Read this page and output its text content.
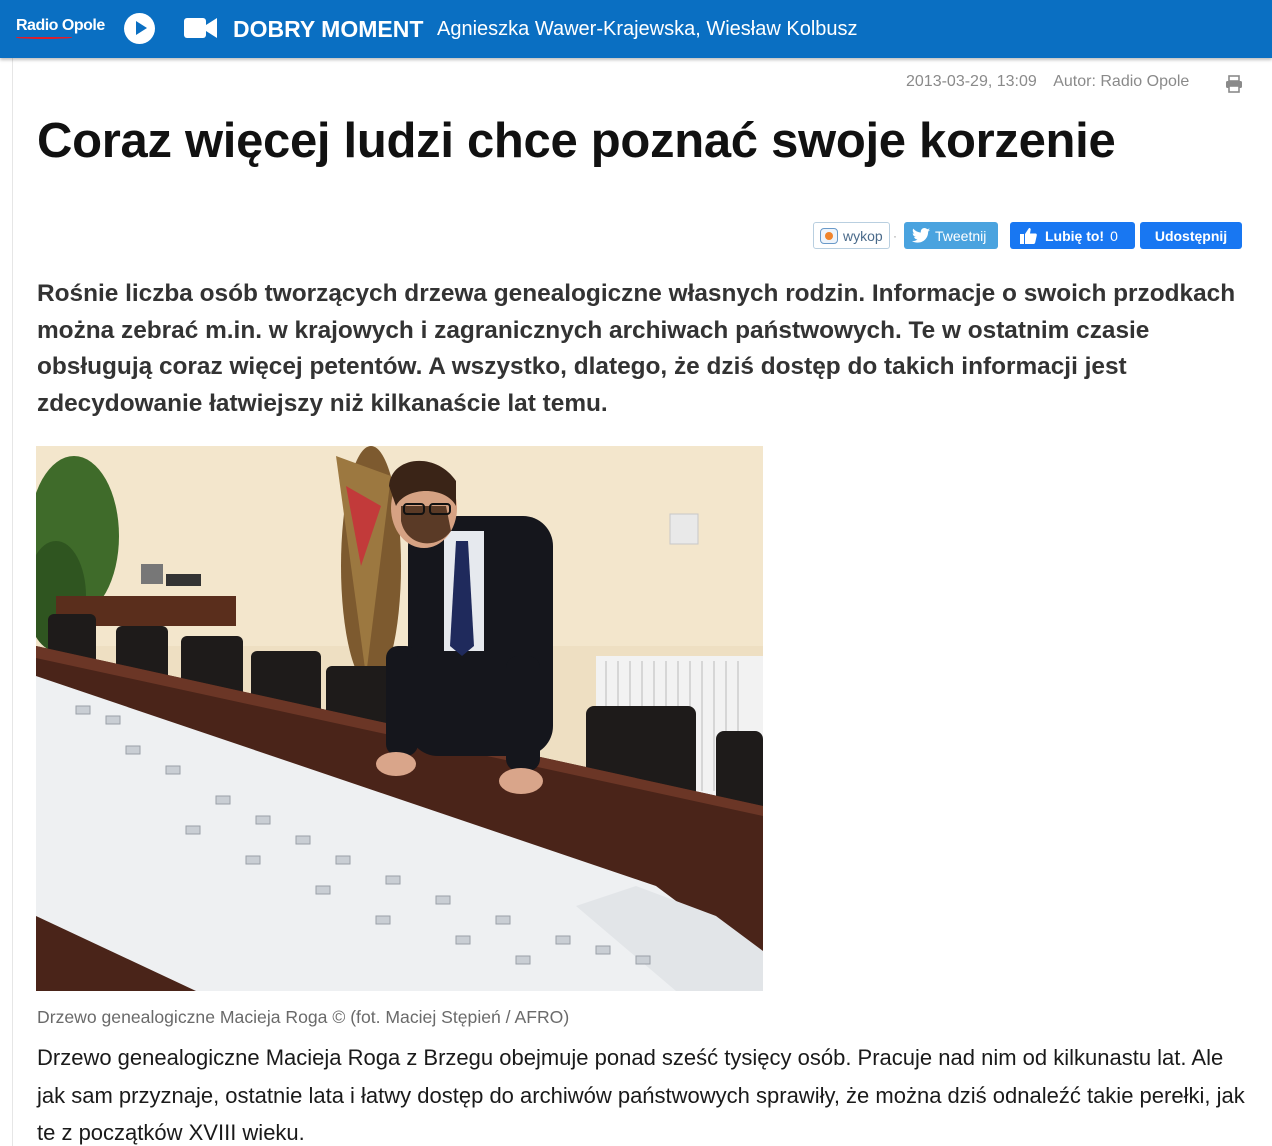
Radio Opole	DOBRY MOMENT Agnieszka Wawer-Krajewska, Wiesław Kolbusz
2013-03-29, 13:09 Autor: Radio Opole
Coraz więcej ludzi chce poznać swoje korzenie
wykop ·	Tweetnij	Lubię to! 0	Udostępnij

Rośnie liczba osób tworzących drzewa genealogiczne własnych rodzin. Informacje o swoich przodkach można zebrać m.in. w krajowych i zagranicznych archiwach państwowych. Te w ostatnim czasie obsługują coraz więcej petentów. A wszystko, dlatego, że dziś dostęp do takich informacji jest zdecydowanie łatwiejszy niż kilkanaście lat temu.

Drzewo genealogiczne Macieja Roga © (fot. Maciej Stępień / AFRO)

Drzewo genealogiczne Macieja Roga z Brzegu obejmuje ponad sześć tysięcy osób. Pracuje nad nim od kilkunastu lat. Ale jak sam przyznaje, ostatnie lata i łatwy dostęp do archiwów państwowych sprawiły, że można dziś odnaleźć takie perełki, jak te z początków XVIII wieku.
